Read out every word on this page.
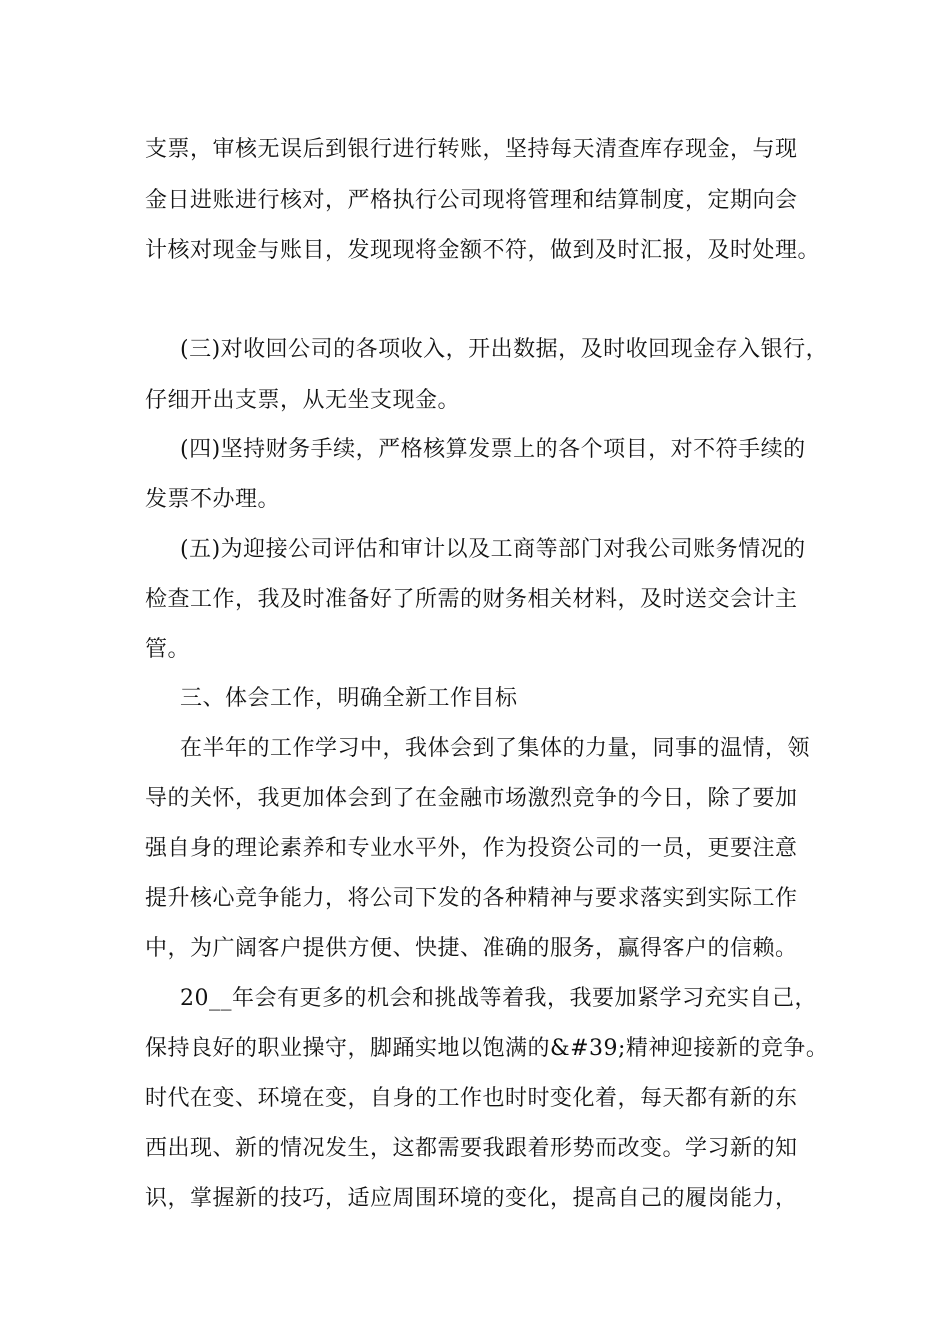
支票，审核无误后到银行进行转账，坚持每天清查库存现金，与现
金日进账进行核对，严格执行公司现将管理和结算制度，定期向会
计核对现金与账目，发现现将金额不符，做到及时汇报，及时处理。
(三)对收回公司的各项收入，开出数据，及时收回现金存入银行，
仔细开出支票，从无坐支现金。
(四)坚持财务手续，严格核算发票上的各个项目，对不符手续的
发票不办理。
(五)为迎接公司评估和审计以及工商等部门对我公司账务情况的
检查工作，我及时准备好了所需的财务相关材料，及时送交会计主
管。
三、体会工作，明确全新工作目标
在半年的工作学习中，我体会到了集体的力量，同事的温情，领
导的关怀，我更加体会到了在金融市场激烈竞争的今日，除了要加
强自身的理论素养和专业水平外，作为投资公司的一员，更要注意
提升核心竞争能力，将公司下发的各种精神与要求落实到实际工作
中，为广阔客户提供方便、快捷、准确的服务，赢得客户的信赖。
20__年会有更多的机会和挑战等着我，我要加紧学习充实自己，
保持良好的职业操守，脚踊实地以饱满的&#39;精神迎接新的竞争。
时代在变、环境在变，自身的工作也时时变化着，每天都有新的东
西出现、新的情况发生，这都需要我跟着形势而改变。学习新的知
识，掌握新的技巧，适应周围环境的变化，提高自己的履岗能力，
